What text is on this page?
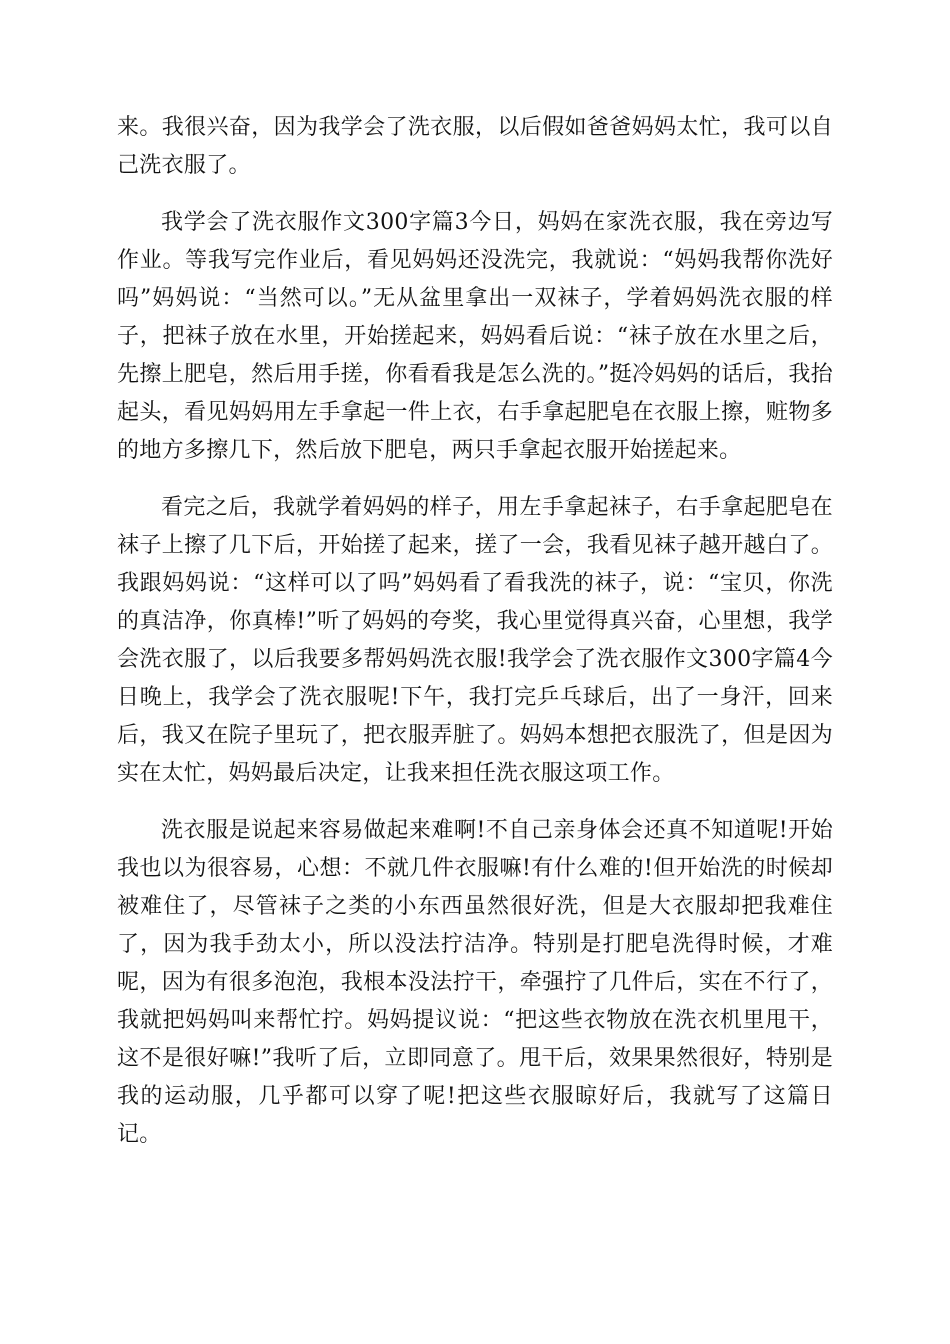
来。我很兴奋，因为我学会了洗衣服，以后假如爸爸妈妈太忙，我可以自己洗衣服了。

我学会了洗衣服作文300字篇3今日，妈妈在家洗衣服，我在旁边写作业。等我写完作业后，看见妈妈还没洗完，我就说：“妈妈我帮你洗好吗”妈妈说：“当然可以。”无从盆里拿出一双袜子，学着妈妈洗衣服的样子，把袜子放在水里，开始搓起来，妈妈看后说：“袜子放在水里之后，先擦上肥皂，然后用手搓，你看看我是怎么洗的。”挺冷妈妈的话后，我抬起头，看见妈妈用左手拿起一件上衣，右手拿起肥皂在衣服上擦，赃物多的地方多擦几下，然后放下肥皂，两只手拿起衣服开始搓起来。

看完之后，我就学着妈妈的样子，用左手拿起袜子，右手拿起肥皂在袜子上擦了几下后，开始搓了起来，搓了一会，我看见袜子越开越白了。我跟妈妈说：“这样可以了吗”妈妈看了看我洗的袜子，说：“宝贝，你洗的真洁净，你真棒!”听了妈妈的夸奖，我心里觉得真兴奋，心里想，我学会洗衣服了，以后我要多帮妈妈洗衣服!我学会了洗衣服作文300字篇4今日晚上，我学会了洗衣服呢!下午，我打完乒乓球后，出了一身汗，回来后，我又在院子里玩了，把衣服弄脏了。妈妈本想把衣服洗了，但是因为实在太忙，妈妈最后决定，让我来担任洗衣服这项工作。

洗衣服是说起来容易做起来难啊!不自己亲身体会还真不知道呢!开始我也以为很容易，心想：不就几件衣服嘛!有什么难的!但开始洗的时候却被难住了，尽管袜子之类的小东西虽然很好洗，但是大衣服却把我难住了，因为我手劲太小，所以没法拧洁净。特别是打肥皂洗得时候，才难呢，因为有很多泡泡，我根本没法拧干，牵强拧了几件后，实在不行了，我就把妈妈叫来帮忙拧。妈妈提议说：“把这些衣物放在洗衣机里甩干，这不是很好嘛!”我听了后，立即同意了。甩干后，效果果然很好，特别是我的运动服，几乎都可以穿了呢!把这些衣服晾好后，我就写了这篇日记。
